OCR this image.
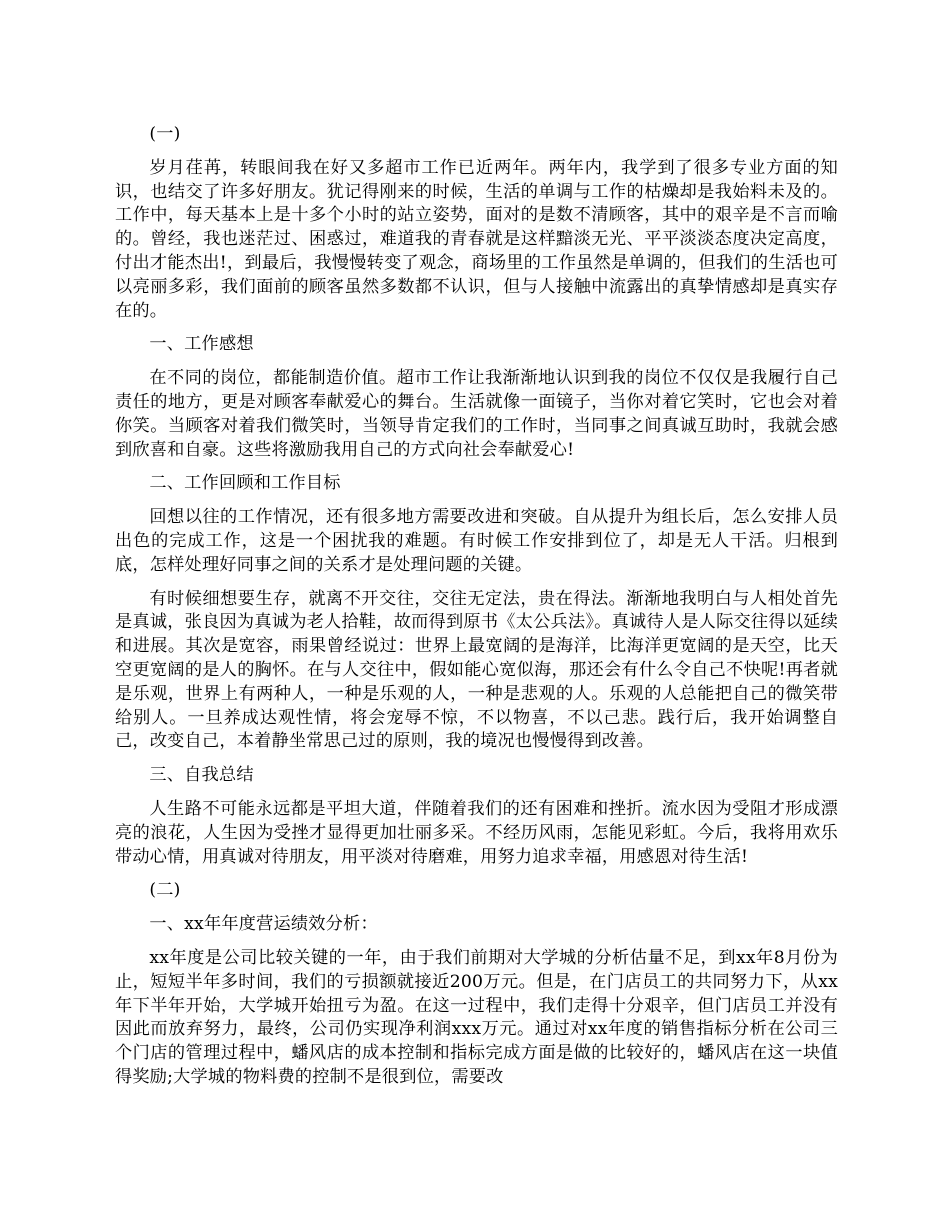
(一)

岁月荏苒，转眼间我在好又多超市工作已近两年。两年内，我学到了很多专业方面的知识，也结交了许多好朋友。犹记得刚来的时候，生活的单调与工作的枯燥却是我始料未及的。工作中，每天基本上是十多个小时的站立姿势，面对的是数不清顾客，其中的艰辛是不言而喻的。曾经，我也迷茫过、困惑过，难道我的青春就是这样黯淡无光、平平淡淡态度决定高度，付出才能杰出!，到最后，我慢慢转变了观念，商场里的工作虽然是单调的，但我们的生活也可以亮丽多彩，我们面前的顾客虽然多数都不认识，但与人接触中流露出的真挚情感却是真实存在的。

一、工作感想

在不同的岗位，都能制造价值。超市工作让我渐渐地认识到我的岗位不仅仅是我履行自己责任的地方，更是对顾客奉献爱心的舞台。生活就像一面镜子，当你对着它笑时，它也会对着你笑。当顾客对着我们微笑时，当领导肯定我们的工作时，当同事之间真诚互助时，我就会感到欣喜和自豪。这些将激励我用自己的方式向社会奉献爱心!

二、工作回顾和工作目标

回想以往的工作情况，还有很多地方需要改进和突破。自从提升为组长后，怎么安排人员出色的完成工作，这是一个困扰我的难题。有时候工作安排到位了，却是无人干活。归根到底，怎样处理好同事之间的关系才是处理问题的关键。

有时候细想要生存，就离不开交往，交往无定法，贵在得法。渐渐地我明白与人相处首先是真诚，张良因为真诚为老人拾鞋，故而得到原书《太公兵法》。真诚待人是人际交往得以延续和进展。其次是宽容，雨果曾经说过：世界上最宽阔的是海洋，比海洋更宽阔的是天空，比天空更宽阔的是人的胸怀。在与人交往中，假如能心宽似海，那还会有什么令自己不快呢!再者就是乐观，世界上有两种人，一种是乐观的人，一种是悲观的人。乐观的人总能把自己的微笑带给别人。一旦养成达观性情，将会宠辱不惊，不以物喜，不以己悲。践行后，我开始调整自己，改变自己，本着静坐常思己过的原则，我的境况也慢慢得到改善。

三、自我总结

人生路不可能永远都是平坦大道，伴随着我们的还有困难和挫折。流水因为受阻才形成漂亮的浪花，人生因为受挫才显得更加壮丽多采。不经历风雨，怎能见彩虹。今后，我将用欢乐带动心情，用真诚对待朋友，用平淡对待磨难，用努力追求幸福，用感恩对待生活!

(二)

一、xx年年度营运绩效分析：

xx年度是公司比较关键的一年，由于我们前期对大学城的分析估量不足，到xx年8月份为止，短短半年多时间，我们的亏损额就接近200万元。但是，在门店员工的共同努力下，从xx年下半年开始，大学城开始扭亏为盈。在这一过程中，我们走得十分艰辛，但门店员工并没有因此而放弃努力，最终，公司仍实现净利润xxx万元。通过对xx年度的销售指标分析在公司三个门店的管理过程中，蟠风店的成本控制和指标完成方面是做的比较好的，蟠风店在这一块值得奖励;大学城的物料费的控制不是很到位，需要改
